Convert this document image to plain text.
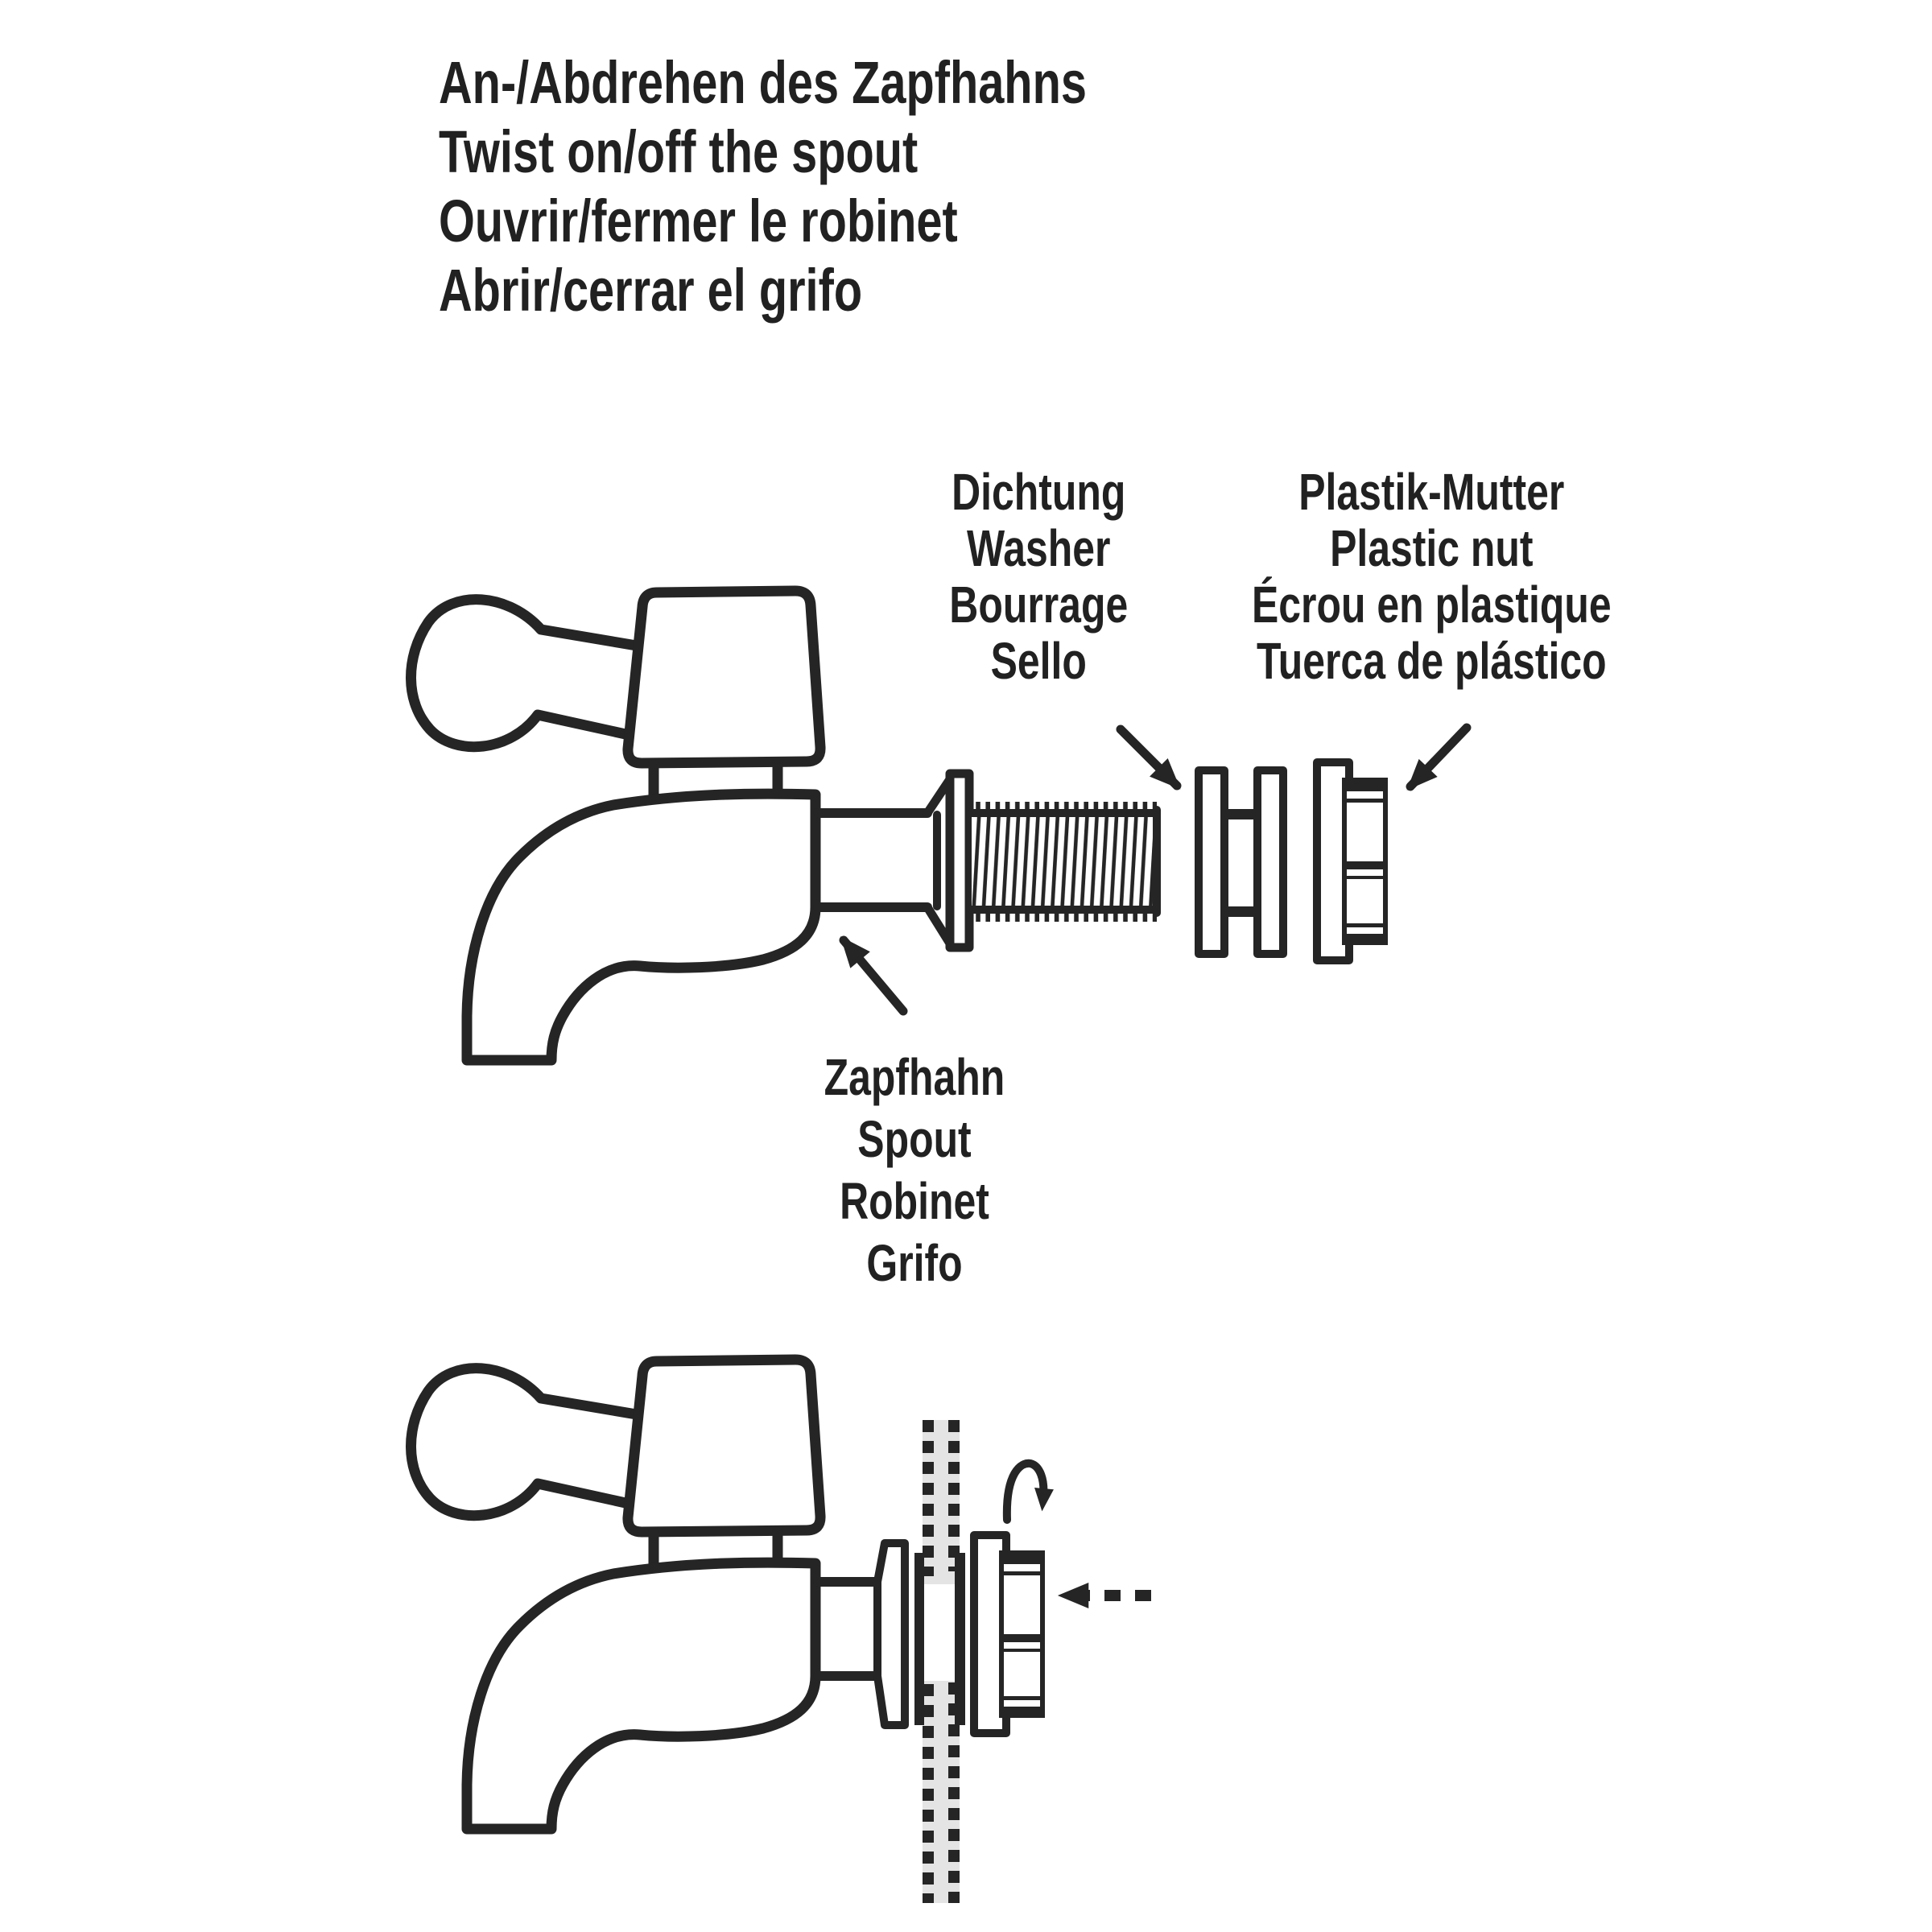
An-/Abdrehen des Zapfhahns
Twist on/off the spout
Ouvrir/fermer le robinet
Abrir/cerrar el grifo
Dichtung
Washer
Bourrage
Sello
Plastik-Mutter
Plastic nut
Écrou en plastique
Tuerca de plástico
Zapfhahn
Spout
Robinet
Grifo
